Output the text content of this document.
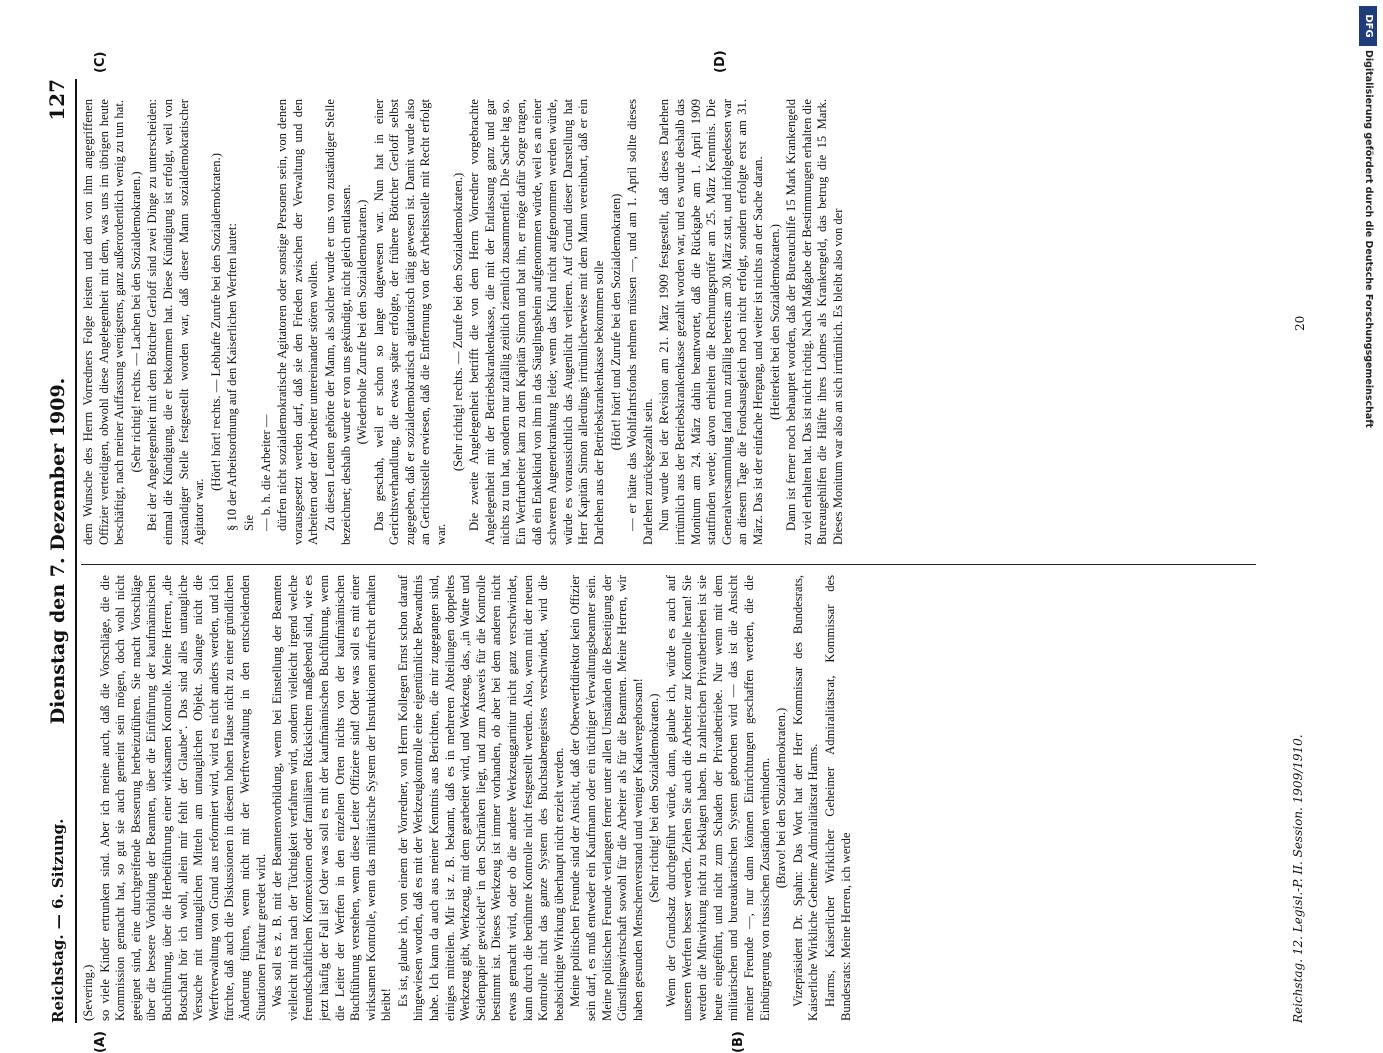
Reichstag. — 6. Sitzung.
Dienstag den 7. Dezember 1909.
127
(A)	(B)
(C)	(D)

(Severing.) so viele Kinder ertrunken sind. Aber ich meine auch, daß die Vorschläge, die die Kommission gemacht hat, so gut sie auch gemeint sein mögen, doch wohl nicht geeignet sind, eine durchgreifende Besserung herbeizuführen. Sie macht Vorschläge über die bessere Vorbildung der Beamten, über die Einführung der kaufmännischen Buchführung, über die Herbeiführung einer wirksamen Kontrolle. Meine Herren, „die Botschaft hör ich wohl, allein mir fehlt der Glaube“. Das sind alles untaugliche Versuche mit untauglichen Mitteln am untauglichen Objekt. Solange nicht die Werftverwaltung von Grund aus reformiert wird, wird es nicht anders werden, und ich fürchte, daß auch die Diskussionen in diesem hohen Hause nicht zu einer gründlichen Änderung führen, wenn nicht mit der Werftverwaltung in den entscheidenden Situationen Fraktur geredet wird. Was soll es z. B. mit der Beamtenvorbildung, wenn bei Einstellung der Beamten vielleicht nicht nach der Tüchtigkeit verfahren wird, sondern vielleicht irgend welche freundschaftlichen Konnexionen oder familiären Rücksichten maßgebend sind, wie es jetzt häufig der Fall ist! Oder was soll es mit der kaufmännischen Buchführung, wenn die Leiter der Werften in den einzelnen Orten nichts von der kaufmännischen Buchführung verstehen, wenn diese Leiter Offiziere sind! Oder was soll es mit einer wirksamen Kontrolle, wenn das militärische System der Instruktionen aufrecht erhalten bleibt! Es ist, glaube ich, von einem der Vorredner, von Herrn Kollegen Ernst schon darauf hingewiesen worden, daß es mit der Werkzeugkontrolle eine eigentümliche Bewandtnis habe. Ich kann da auch aus meiner Kenntnis aus Berichten, die mir zugegangen sind, einiges mitteilen. Mir ist z. B. bekannt, daß es in mehreren Abteilungen doppeltes Werkzeug gibt, Werkzeug, mit dem gearbeitet wird, und Werkzeug, das, „in Watte und Seidenpapier gewickelt“ in den Schränken liegt, und zum Ausweis für die Kontrolle bestimmt ist. Dieses Werkzeug ist immer vorhanden, ob aber bei dem anderen nicht etwas gemacht wird, oder ob die andere Werkzeuggarnitur nicht ganz verschwindet, kann durch die berühmte Kontrolle nicht festgestellt werden. Also, wenn mit der neuen Kontrolle nicht das ganze System des Buchstabengeistes verschwindet, wird die beabsichtigte Wirkung überhaupt nicht erzielt werden. Meine politischen Freunde sind der Ansicht, daß der Oberwerftdirektor kein Offizier sein darf, es muß entweder ein Kaufmann oder ein tüchtiger Verwaltungsbeamter sein. Meine politischen Freunde verlangen ferner unter allen Umständen die Beseitigung der Günstlingswirtschaft sowohl für die Arbeiter als für die Beamten. Meine Herren, wir haben gesunden Menschenverstand und weniger Kadavergehorsam! (Sehr richtig! bei den Sozialdemokraten.) Wenn der Grundsatz durchgeführt würde, dann, glaube ich, würde es auch auf unseren Werften besser werden. Ziehen Sie auch die Arbeiter zur Kontrolle heran! Sie werden die Mitwirkung nicht zu beklagen haben. In zahlreichen Privatbetrieben ist sie heute eingeführt, und nicht zum Schaden der Privatbetriebe. Nur wenn mit dem militärischen und bureaukratischen System gebrochen wird — das ist die Ansicht meiner Freunde —, nur dann können Einrichtungen geschaffen werden, die die Einbürgerung von russischen Zuständen verhindern. (Bravo! bei den Sozialdemokraten.) Vizepräsident Dr. Spahn: Das Wort hat der Herr Kommissar des Bundesrats, Kaiserliche Wirkliche Geheime Admiralitätsrat Harms. Harms, Kaiserlicher Wirklicher Geheimer Admiralitätsrat, Kommissar des Bundesrats: Meine Herren, ich werde

dem Wunsche des Herrn Vorredners Folge leisten und den von ihm angegriffenen Offizier verteidigen, obwohl diese Angelegenheit mit dem, was uns im übrigen heute beschäftigt, nach meiner Auffassung wenigstens, ganz außerordentlich wenig zu tun hat. (Sehr richtig! rechts. — Lachen bei den Sozialdemokraten.) Bei der Angelegenheit mit dem Böttcher Gerloff sind zwei Dinge zu unterscheiden: einmal die Kündigung, die er bekommen hat. Diese Kündigung ist erfolgt, weil von zuständiger Stelle festgestellt worden war, daß dieser Mann sozialdemokratischer Agitator war.

(Hört! hört! rechts. — Lebhafte Zurufe bei den Sozialdemokraten.) § 10 der Arbeitsordnung auf den Kaiserlichen Werften lautet: Sie — b. h. die Arbeiter — dürfen nicht sozialdemokratische Agitatoren oder sonstige Personen sein, von denen vorausgesetzt werden darf, daß sie den Frieden zwischen der Verwaltung und den Arbeitern oder der Arbeiter untereinander stören wollen. Zu diesen Leuten gehörte der Mann, als solcher wurde er uns von zuständiger Stelle bezeichnet; deshalb wurde er von uns gekündigt, nicht gleich entlassen. (Wiederholte Zurufe bei den Sozialdemokraten.) Das geschah, weil er schon so lange dagewesen war. Nun hat in einer Gerichtsverhandlung, die etwas später erfolgte, der frühere Böttcher Gerloff selbst zugegeben, daß er sozialdemokratisch agitatorisch tätig gewesen ist. Damit wurde also an Gerichtsstelle erwiesen, daß die Entfernung von der Arbeitsstelle mit Recht erfolgt war.

(Sehr richtig! rechts. — Zurufe bei den Sozialdemokraten.) Die zweite Angelegenheit betrifft die von dem Herrn Vorredner vorgebrachte Angelegenheit mit der Betriebskrankenkasse, die mit der Entlassung ganz und gar nichts zu tun hat, sondern nur zufällig zeitlich ziemlich zusammenfiel. Die Sache lag so. Ein Werftarbeiter kam zu dem Kapitän Simon und bat ihn, er möge dafür Sorge tragen, daß ein Enkelkind von ihm in das Säuglingsheim aufgenommen würde, weil es an einer schweren Augenerkrankung leide; wenn das Kind nicht aufgenommen werden würde, würde es voraussichtlich das Augenlicht verlieren. Auf Grund dieser Darstellung hat Herr Kapitän Simon allerdings irrtümlicherweise mit dem Mann vereinbart, daß er ein Darlehen aus der Betriebskrankenkasse bekommen solle (Hört! hört! und Zurufe bei den Sozialdemokraten) — er hätte das Wohlfahrtsfonds nehmen müssen —, und am 1. April sollte dieses Darlehen zurückgezahlt sein. Nun wurde bei der Revision am 21. März 1909 festgestellt, daß dieses Darlehen irrtümlich aus der Betriebskrankenkasse gezahlt worden war, und es wurde deshalb das Monitum am 24. März dahin beantwortet, daß die Rückgabe am 1. April 1909 stattfinden werde; davon erhielten die Rechnungsprüfer am 25. März Kenntnis. Die Generalversammlung fand nun zufällig bereits am 30. März statt, und infolgedessen war an diesem Tage die Fondsausgleich noch nicht erfolgt, sondern erfolgte erst am 31. März. Das ist der einfache Hergang, und weiter ist nichts an der Sache daran. (Heiterkeit bei den Sozialdemokraten.) Dann ist ferner noch behauptet worden, daß der Bureauchilfe 15 Mark Krankengeld zu viel erhalten hat. Das ist nicht richtig. Nach Maßgabe der Bestimmungen erhalten die Bureaugehilfen die Hälfte ihres Lohnes als Krankengeld, das betrug die 15 Mark. Dieses Monitum war also an sich irrtümlich. Es bleibt also von der

Reichstag. 12. Legisl.-P. II. Session. 1909/1910.
20
DFG
Digitalisierung gefördert durch die Deutsche Forschungsgemeinschaft
